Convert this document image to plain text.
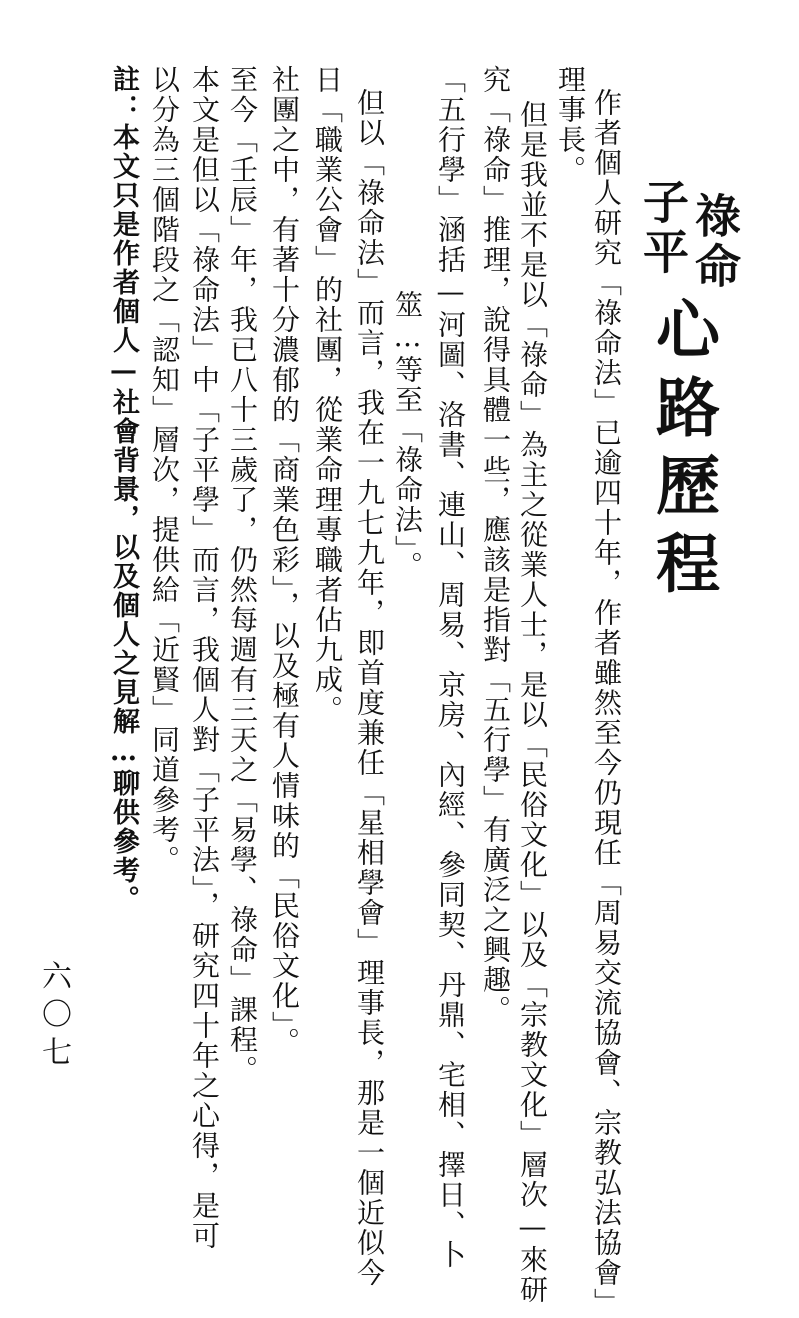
祿命
子平
心路歷程
作者個人研究「祿命法」已逾四十年，作者雖然至今仍現任「周易交流協會、宗教弘法協會」
理事長。
但是我並不是以「祿命」為主之從業人士，是以「民俗文化」以及「宗教文化」層次—來研
究「祿命」推理，說得具體一些，應該是指對「五行學」有廣泛之興趣。
「五行學」涵括—河圖、洛書、連山、周易、京房、內經、參同契、丹鼎、宅相、擇日、卜
筮…等至「祿命法」。
但以「祿命法」而言，我在一九七九年，即首度兼任「星相學會」理事長，那是一個近似今
日「職業公會」的社團，從業命理專職者佔九成。
社團之中，有著十分濃郁的「商業色彩」，以及極有人情味的「民俗文化」。
至今「壬辰」年，我已八十三歲了，仍然每週有三天之「易學、祿命」課程。
本文是但以「祿命法」中「子平學」而言，我個人對「子平法」，研究四十年之心得，是可
以分為三個階段之「認知」層次，提供給「近賢」同道參考。
註：本文只是作者個人—社會背景，以及個人之見解…聊供參考。
六〇七
